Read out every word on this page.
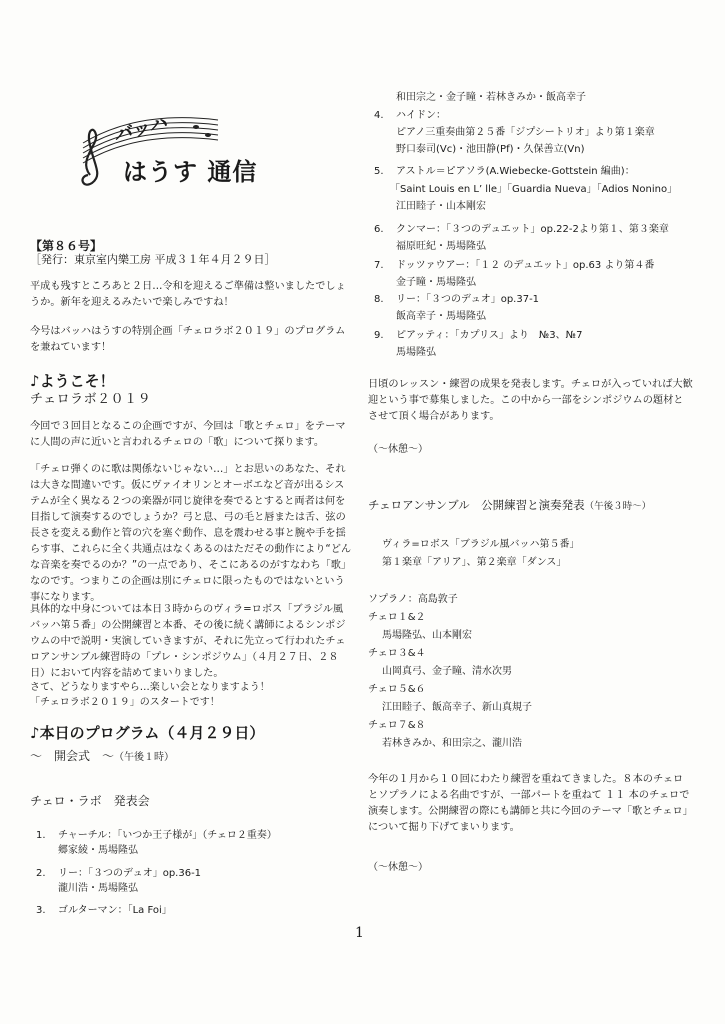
バッハ
はうす 通信
【第８６号】
［発行：東京室内樂工房 平成３１年４月２９日］
平成も残すところあと２日…令和を迎えるご準備は整いましたでしょうか。新年を迎えるみたいで楽しみですね！
今号はバッハはうすの特別企画「チェロラボ２０１９」のプログラムを兼ねています！
♪ようこそ！
チェロラボ２０１９
今回で３回目となるこの企画ですが、今回は「歌とチェロ」をテーマに人間の声に近いと言われるチェロの「歌」について探ります。
「チェロ弾くのに歌は関係ないじゃない…」とお思いのあなた、それは大きな間違いです。仮にヴァイオリンとオーボエなど音が出るシステムが全く異なる２つの楽器が同じ旋律を奏でるとすると両者は何を目指して演奏するのでしょうか？弓と息、弓の毛と唇または舌、弦の長さを変える動作と管の穴を塞ぐ動作、息を震わせる事と腕や手を揺らす事、これらに全く共通点はなくあるのはただその動作により“どんな音楽を奏でるのか？”の一点であり、そこにあるのがすなわち「歌」なのです。つまりこの企画は別にチェロに限ったものではないという事になります。
具体的な中身については本日３時からのヴィラ=ロボス「ブラジル風バッハ第５番」の公開練習と本番、その後に続く講師によるシンポジウムの中で説明・実演していきますが、それに先立って行われたチェロアンサンブル練習時の「プレ・シンポジウム」（４月２７日、２８日）において内容を詰めてまいりました。
さて、どうなりますやら…楽しい会となりますよう！
「チェロラボ２０１９」のスタートです！
♪本日のプログラム（４月２９日）
〜　開会式　〜（午後１時）
チェロ・ラボ　発表会
1. チャーチル：「いつか王子様が」（チェロ２重奏）
郷家綾・馬場隆弘
2. リー：「３つのデュオ」op.36-1
瀧川浩・馬場隆弘
3. ゴルターマン：「La Foi」
和田宗之・金子瞳・若林きみか・飯高幸子
4. ハイドン：
ピアノ三重奏曲第２５番「ジプシートリオ」より第１楽章
野口泰司(Vc)・池田静(Pf)・久保善立(Vn)
5. アストル＝ピアソラ(A.Wiebecke-Gottstein 編曲)：
「Saint Louis en L’ lle」「Guardia Nueva」「Adios Nonino」
江田睦子・山本剛宏
6. クンマー：「３つのデュエット」op.22-2より第１、第３楽章
福原旺紀・馬場隆弘
7. ドッツァウアー：「１２ のデュエット」op.63 より第４番
金子瞳・馬場隆弘
8. リー：「３つのデュオ」op.37-1
飯高幸子・馬場隆弘
9. ピアッティ：「カプリス」より　№3、№7
馬場隆弘
日頃のレッスン・練習の成果を発表します。チェロが入っていれば大歓迎という事で募集しました。この中から一部をシンポジウムの題材とさせて頂く場合があります。
（〜休憩〜）
チェロアンサンブル　公開練習と演奏発表（午後３時〜）
ヴィラ=ロボス「ブラジル風バッハ第５番」
第１楽章「アリア」、第２楽章「ダンス」
ソプラノ：高島敦子
チェロ１&２
馬場隆弘、山本剛宏
チェロ３&４
山岡真弓、金子瞳、清水次男
チェロ５&６
江田睦子、飯高幸子、新山真規子
チェロ７&８
若林きみか、和田宗之、瀧川浩
今年の１月から１０回にわたり練習を重ねてきました。８本のチェロとソプラノによる名曲ですが、一部パートを重ねて １１ 本のチェロで演奏します。公開練習の際にも講師と共に今回のテーマ「歌とチェロ」について掘り下げてまいります。
（〜休憩〜）
1
